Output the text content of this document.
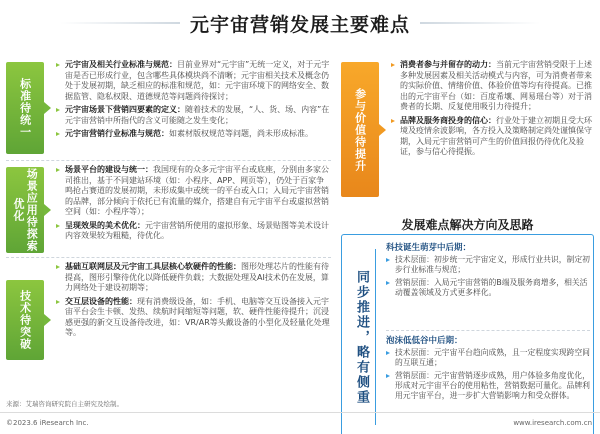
元宇宙营销发展主要难点
标准待统一
元宇宙及相关行业标准与规范：目前业界对“元宇宙”无统一定义，对于元宇宙是否已形成行业，包含哪些具体模块尚不清晰；元宇宙相关技术及概念仍处于发展初期，缺乏相应的标准和规范，如：元宇宙环境下的网络安全、数据监管、隐私权限、道德规范等问题尚待探讨；
元宇宙场景下营销四要素的定义：随着技术的发展，“人、货、场、内容”在元宇宙营销中所指代的含义可能随之发生变化；
元宇宙营销行业标准与规范：如素材版权规范等问题，尚未形成标准。
场景应用待探索优化
场景平台的建设与统一：我国现有的众多元宇宙平台或底座，分别由多家公司推出，基于不同建站环境（如：小程序、APP、网页等），仍处于百家争鸣抢占赛道的发展初期，未形成集中或统一的平台或入口；入局元宇宙营销的品牌，部分倾向于依托已有流量的媒介，搭建自有元宇宙平台或虚拟营销空间（如：小程序等）；
呈现效果的美术优化：元宇宙营销所使用的虚拟形象、场景贴图等美术设计内容效果较为粗糙，待优化。
技术待突破
基础互联网层及元宇宙工具层核心软硬件的性能：图形处理芯片的性能有待提高，图形引擎待优化以降低硬件负载；大数据处理及AI技术仍在发展，算力网络处于建设初期等；
交互层设备的性能：现有消费级设备，如：手机、电脑等交互设备接入元宇宙平台会生卡顿、发热、续航时间缩短等问题，软、硬件性能待提升；沉浸感更强的新交互设备待改进，如：VR/AR等头戴设备的小型化及轻量化处理等。
参与价值待提升
消费者参与并留存的动力：当前元宇宙营销受限于上述多种发展因素及相关活动模式与内容，可为消费者带来的实际价值、情绪价值、体验价值等均有待提高。已推出的元宇宙平台（如：百度希壤、网易瑶台等）对于消费者的长期、反复使用吸引力待提升；
品牌及服务商投身的信心：行业处于建立初期且受大环境及疫情余波影响，各方投入及策略制定尚处谨慎保守期，入局元宇宙营销可产生的价值回报仍待优化及验证，参与信心待提振。
发展难点解决方向及思路
同步推进，略有侧重
科技诞生萌芽中后期：
技术层面：初步统一元宇宙定义，形成行业共识，制定初步行业标准与规范；
营销层面：入局元宇宙营销的B端及服务商增多，相关活动覆盖领域及方式更多样化。
泡沫低低谷中后期：
技术层面：元宇宙平台趋向成熟，且一定程度实现跨空间的互联互通；
营销层面：元宇宙营销逐步成熟，用户体验多角度优化，形成对元宇宙平台的使用粘性，营销数据可量化。品牌利用元宇宙平台，进一步扩大营销影响力和受众群体。
来源：艾瑞咨询研究院自主研究及绘制。
©2023.6 iResearch Inc.	www.iresearch.com.cn
